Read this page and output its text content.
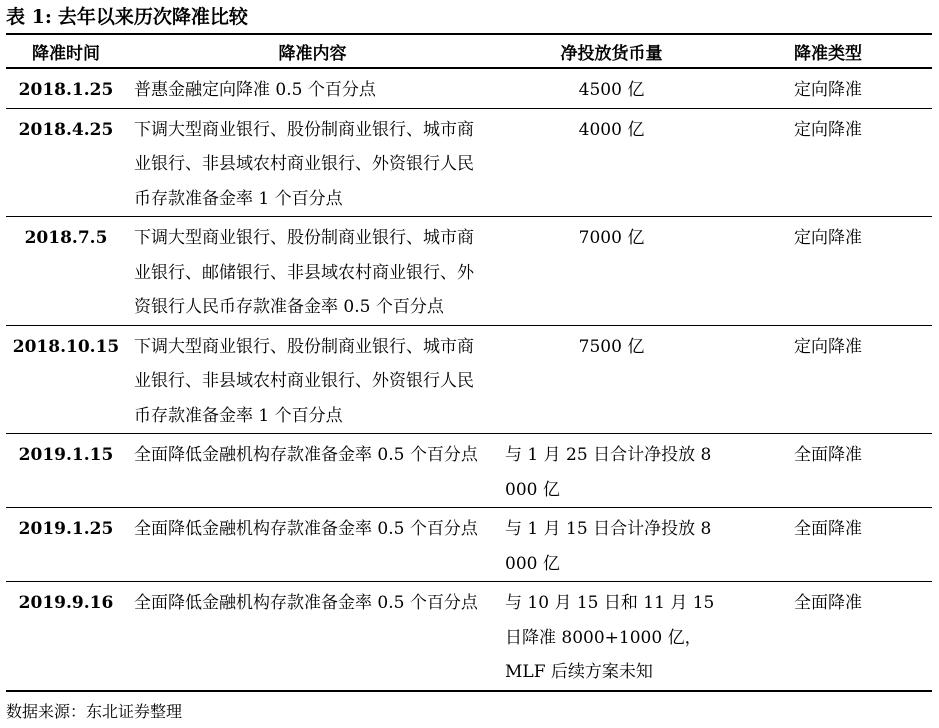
表 1: 去年以来历次降准比较
降准时间	降准内容	净投放货币量	降准类型
2018.1.25	普惠金融定向降准 0.5 个百分点	4500 亿	定向降准
2018.4.25	下调大型商业银行、股份制商业银行、城市商业银行、非县域农村商业银行、外资银行人民币存款准备金率 1 个百分点	4000 亿	定向降准
2018.7.5	下调大型商业银行、股份制商业银行、城市商业银行、邮储银行、非县域农村商业银行、外资银行人民币存款准备金率 0.5 个百分点	7000 亿	定向降准
2018.10.15	下调大型商业银行、股份制商业银行、城市商业银行、非县域农村商业银行、外资银行人民币存款准备金率 1 个百分点	7500 亿	定向降准
2019.1.15	全面降低金融机构存款准备金率 0.5 个百分点	与 1 月 25 日合计净投放 8000 亿	全面降准
2019.1.25	全面降低金融机构存款准备金率 0.5 个百分点	与 1 月 15 日合计净投放 8000 亿	全面降准
2019.9.16	全面降低金融机构存款准备金率 0.5 个百分点	与 10 月 15 日和 11 月 15 日降准 8000+1000 亿，MLF 后续方案未知	全面降准
数据来源：东北证券整理
